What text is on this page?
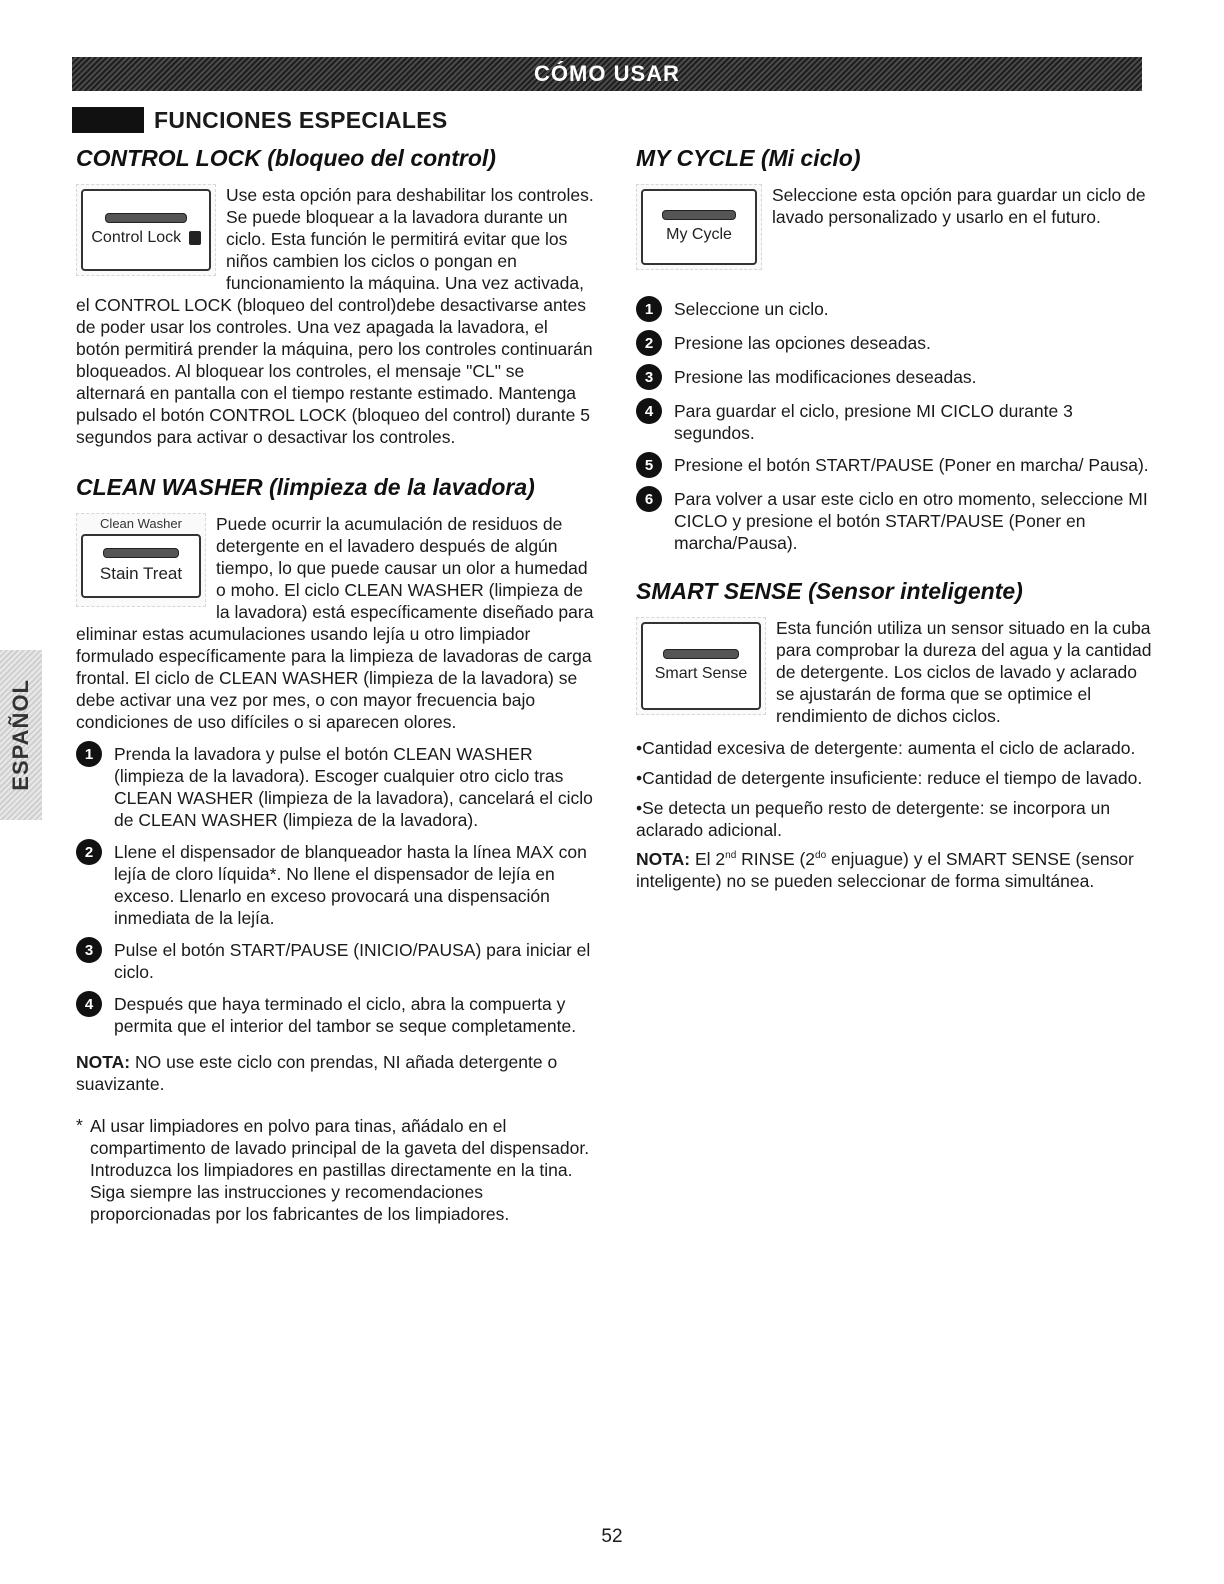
CÓMO USAR
FUNCIONES ESPECIALES
ESPAÑOL
CONTROL LOCK (bloqueo del control)
Control Lock

Use esta opción para deshabilitar los controles. Se puede bloquear a la lavadora durante un ciclo. Esta función le permitirá evitar que los niños cambien los ciclos o pongan en funcionamiento la máquina. Una vez activada, el CONTROL LOCK (bloqueo del control)debe desactivarse antes de poder usar los controles. Una vez apagada la lavadora, el botón permitirá prender la máquina, pero los controles continuarán bloqueados. Al bloquear los controles, el mensaje "CL" se alternará en pantalla con el tiempo restante estimado. Mantenga pulsado el botón CONTROL LOCK (bloqueo del control) durante 5 segundos para activar o desactivar los controles.

CLEAN WASHER (limpieza de la lavadora)
Clean Washer
Stain Treat

Puede ocurrir la acumulación de residuos de detergente en el lavadero después de algún tiempo, lo que puede causar un olor a humedad o moho. El ciclo CLEAN WASHER (limpieza de la lavadora) está específicamente diseñado para eliminar estas acumulaciones usando lejía u otro limpiador formulado específicamente para la limpieza de lavadoras de carga frontal. El ciclo de CLEAN WASHER (limpieza de la lavadora) se debe activar una vez por mes, o con mayor frecuencia bajo condiciones de uso difíciles o si aparecen olores.

1	Prenda la lavadora y pulse el botón CLEAN WASHER (limpieza de la lavadora). Escoger cualquier otro ciclo tras CLEAN WASHER (limpieza de la lavadora), cancelará el ciclo de CLEAN WASHER (limpieza de la lavadora).
2	Llene el dispensador de blanqueador hasta la línea MAX con lejía de cloro líquida*. No llene el dispensador de lejía en exceso. Llenarlo en exceso provocará una dispensación inmediata de la lejía.
3	Pulse el botón START/PAUSE (INICIO/PAUSA) para iniciar el ciclo.
4	Después que haya terminado el ciclo, abra la compuerta y permita que el interior del tambor se seque completamente.

NOTA: NO use este ciclo con prendas, NI añada detergente o suavizante.

* Al usar limpiadores en polvo para tinas, añádalo en el compartimento de lavado principal de la gaveta del dispensador. Introduzca los limpiadores en pastillas directamente en la tina. Siga siempre las instrucciones y recomendaciones proporcionadas por los fabricantes de los limpiadores.

MY CYCLE (Mi ciclo)
My Cycle

Seleccione esta opción para guardar un ciclo de lavado personalizado y usarlo en el futuro.

1	Seleccione un ciclo.
2	Presione las opciones deseadas.
3	Presione las modificaciones deseadas.
4	Para guardar el ciclo, presione MI CICLO durante 3 segundos.
5	Presione el botón START/PAUSE (Poner en marcha/ Pausa).
6	Para volver a usar este ciclo en otro momento, seleccione MI CICLO y presione el botón START/PAUSE (Poner en marcha/Pausa).
SMART SENSE (Sensor inteligente)
Smart Sense

Esta función utiliza un sensor situado en la cuba para comprobar la dureza del agua y la cantidad de detergente. Los ciclos de lavado y aclarado se ajustarán de forma que se optimice el rendimiento de dichos ciclos.

•Cantidad excesiva de detergente: aumenta el ciclo de aclarado.

•Cantidad de detergente insuficiente: reduce el tiempo de lavado.

•Se detecta un pequeño resto de detergente: se incorpora un aclarado adicional.

NOTA: El 2nd RINSE ($2^{do}$ enjuague) y el SMART SENSE (sensor inteligente) no se pueden seleccionar de forma simultánea.

52
